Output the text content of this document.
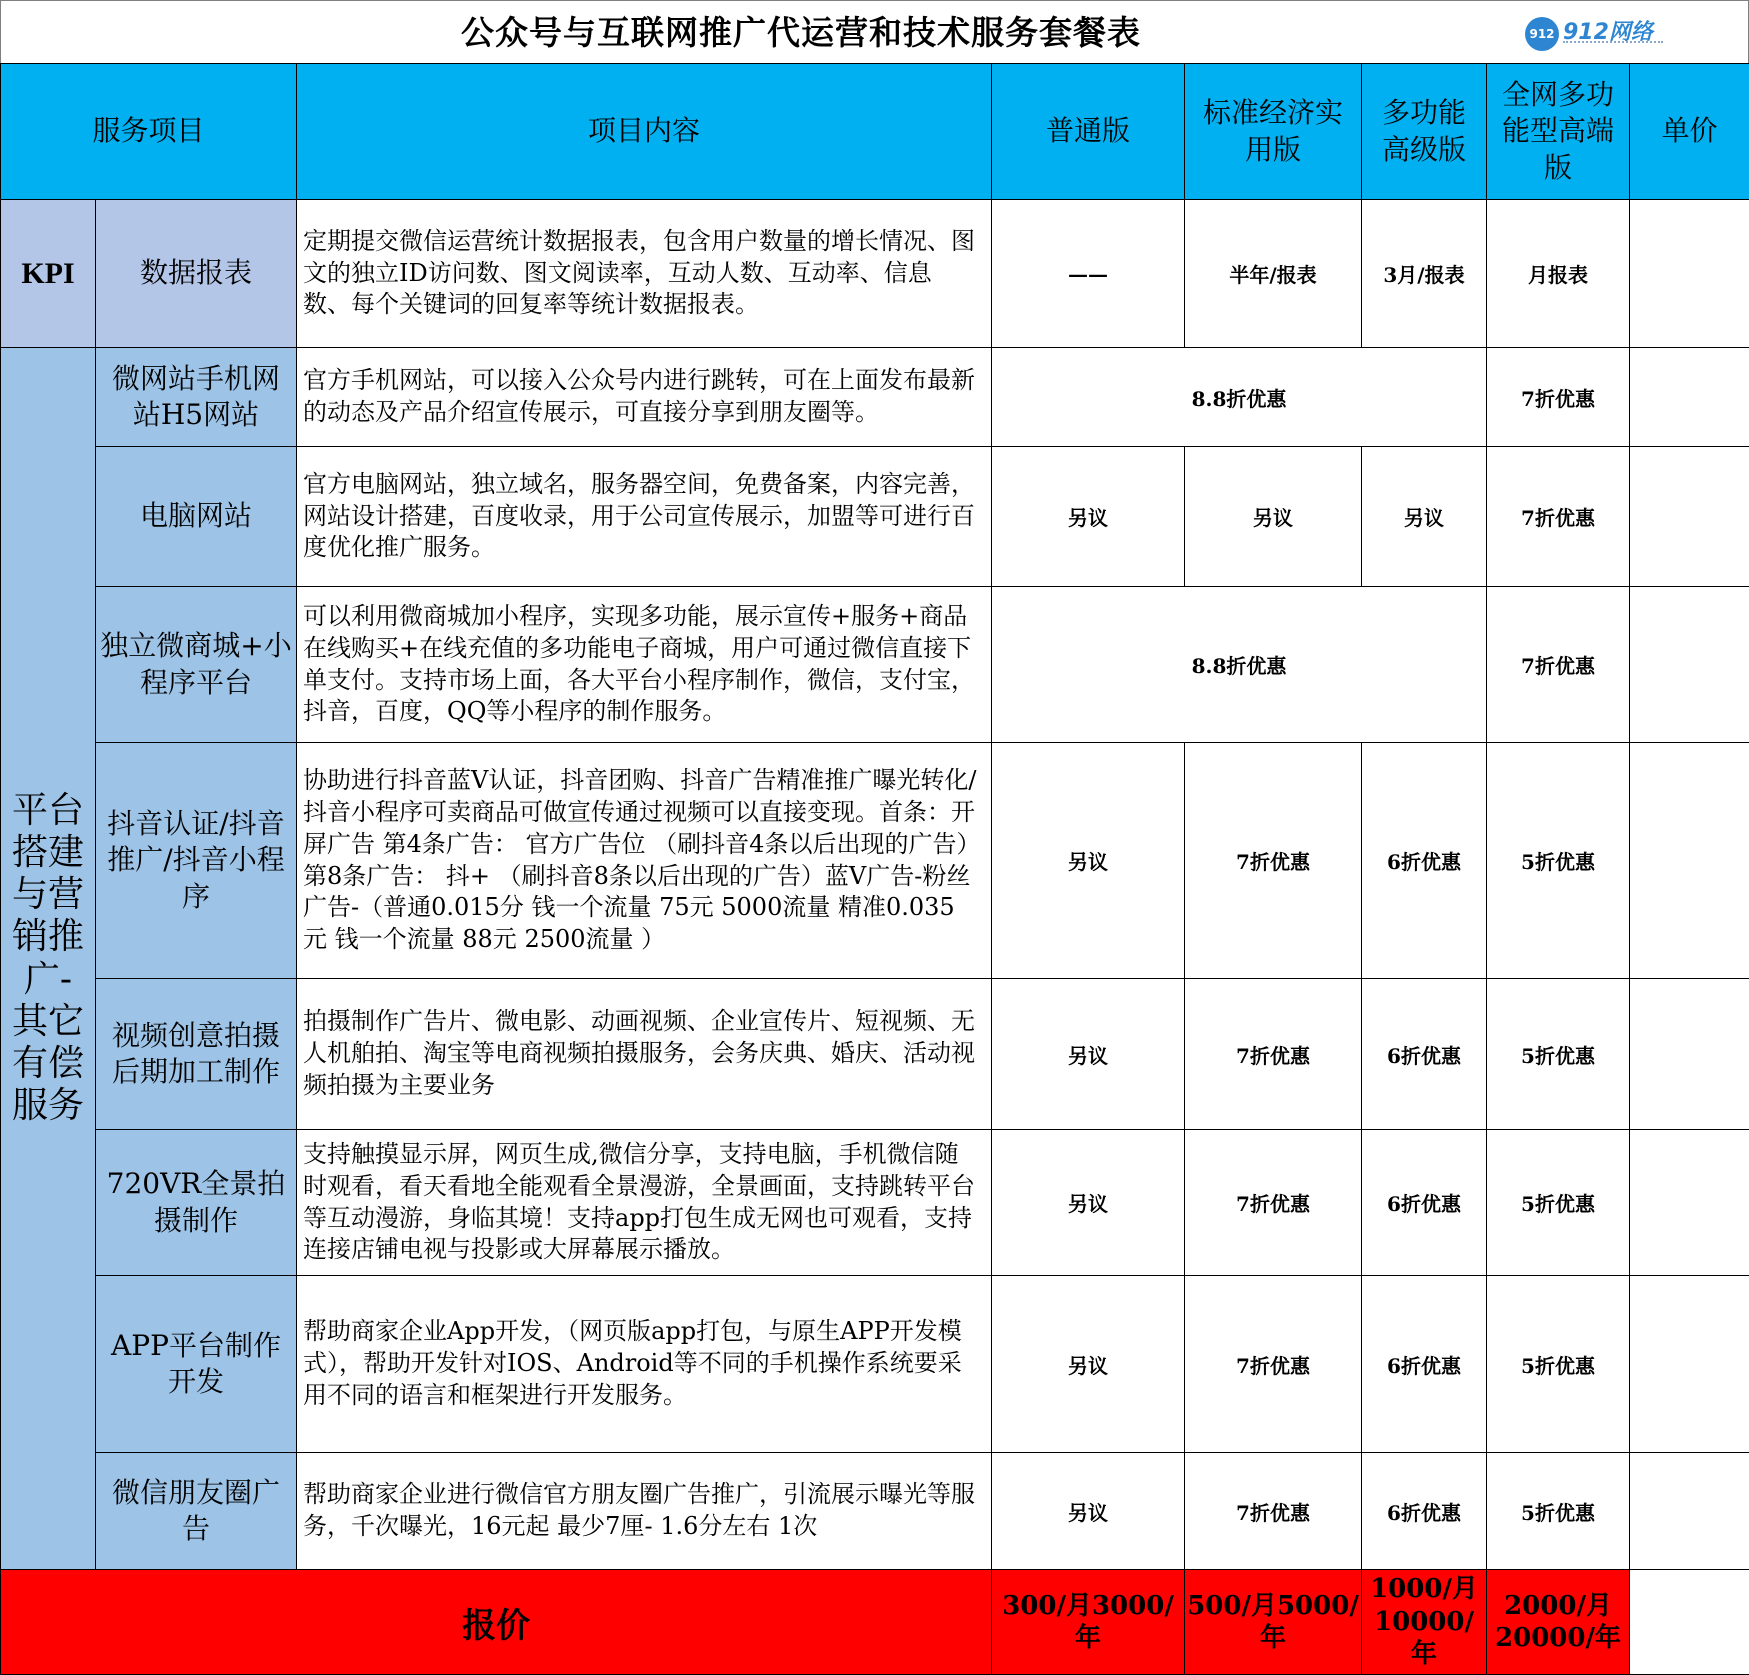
公众号与互联网推广代运营和技术服务套餐表	912 912网络
服务项目		项目内容	普通版	标准经济实用版	多功能高级版	全网多功能型高端版	单价
KPI	数据报表	定期提交微信运营统计数据报表，包含用户数量的增长情况、图文的独立ID访问数、图文阅读率，互动人数、互动率、信息数、每个关键词的回复率等统计数据报表。	——	半年/报表	3月/报表	月报表	
平台搭建与营销推广-其它有偿服务	微网站手机网站H5网站	官方手机网站，可以接入公众号内进行跳转，可在上面发布最新的动态及产品介绍宣传展示，可直接分享到朋友圈等。	8.8折优惠			7折优惠	
	电脑网站	官方电脑网站，独立域名，服务器空间，免费备案，内容完善，网站设计搭建，百度收录，用于公司宣传展示，加盟等可进行百度优化推广服务。	另议	另议	另议	7折优惠	
	独立微商城+小程序平台	可以利用微商城加小程序，实现多功能，展示宣传+服务+商品在线购买+在线充值的多功能电子商城，用户可通过微信直接下单支付。支持市场上面，各大平台小程序制作，微信，支付宝，抖音，百度，QQ等小程序的制作服务。	8.8折优惠			7折优惠	
	抖音认证/抖音推广/抖音小程序	协助进行抖音蓝V认证，抖音团购、抖音广告精准推广曝光转化/抖音小程序可卖商品可做宣传通过视频可以直接变现。首条：开屏广告 第4条广告： 官方广告位 （刷抖音4条以后出现的广告）第8条广告： 抖+ （刷抖音8条以后出现的广告）蓝V广告-粉丝广告-（普通0.015分 钱一个流量 75元 5000流量 精准0.035元 钱一个流量 88元 2500流量 ）	另议	7折优惠	6折优惠	5折优惠	
	视频创意拍摄后期加工制作	拍摄制作广告片、微电影、动画视频、企业宣传片、短视频、无人机舶拍、淘宝等电商视频拍摄服务，会务庆典、婚庆、活动视频拍摄为主要业务	另议	7折优惠	6折优惠	5折优惠	
	720VR全景拍摄制作	支持触摸显示屏，网页生成,微信分享，支持电脑，手机微信随时观看，看天看地全能观看全景漫游，全景画面，支持跳转平台等互动漫游，身临其境！支持app打包生成无网也可观看，支持连接店铺电视与投影或大屏幕展示播放。	另议	7折优惠	6折优惠	5折优惠	
	APP平台制作开发	帮助商家企业App开发，（网页版app打包，与原生APP开发模式），帮助开发针对IOS、Android等不同的手机操作系统要采用不同的语言和框架进行开发服务。	另议	7折优惠	6折优惠	5折优惠	
	微信朋友圈广告	帮助商家企业进行微信官方朋友圈广告推广，引流展示曝光等服务，千次曝光，16元起 最少7厘- 1.6分左右 1次	另议	7折优惠	6折优惠	5折优惠	
报价			300/月3000/年	500/月5000/年	1000/月10000/年	2000/月20000/年	
